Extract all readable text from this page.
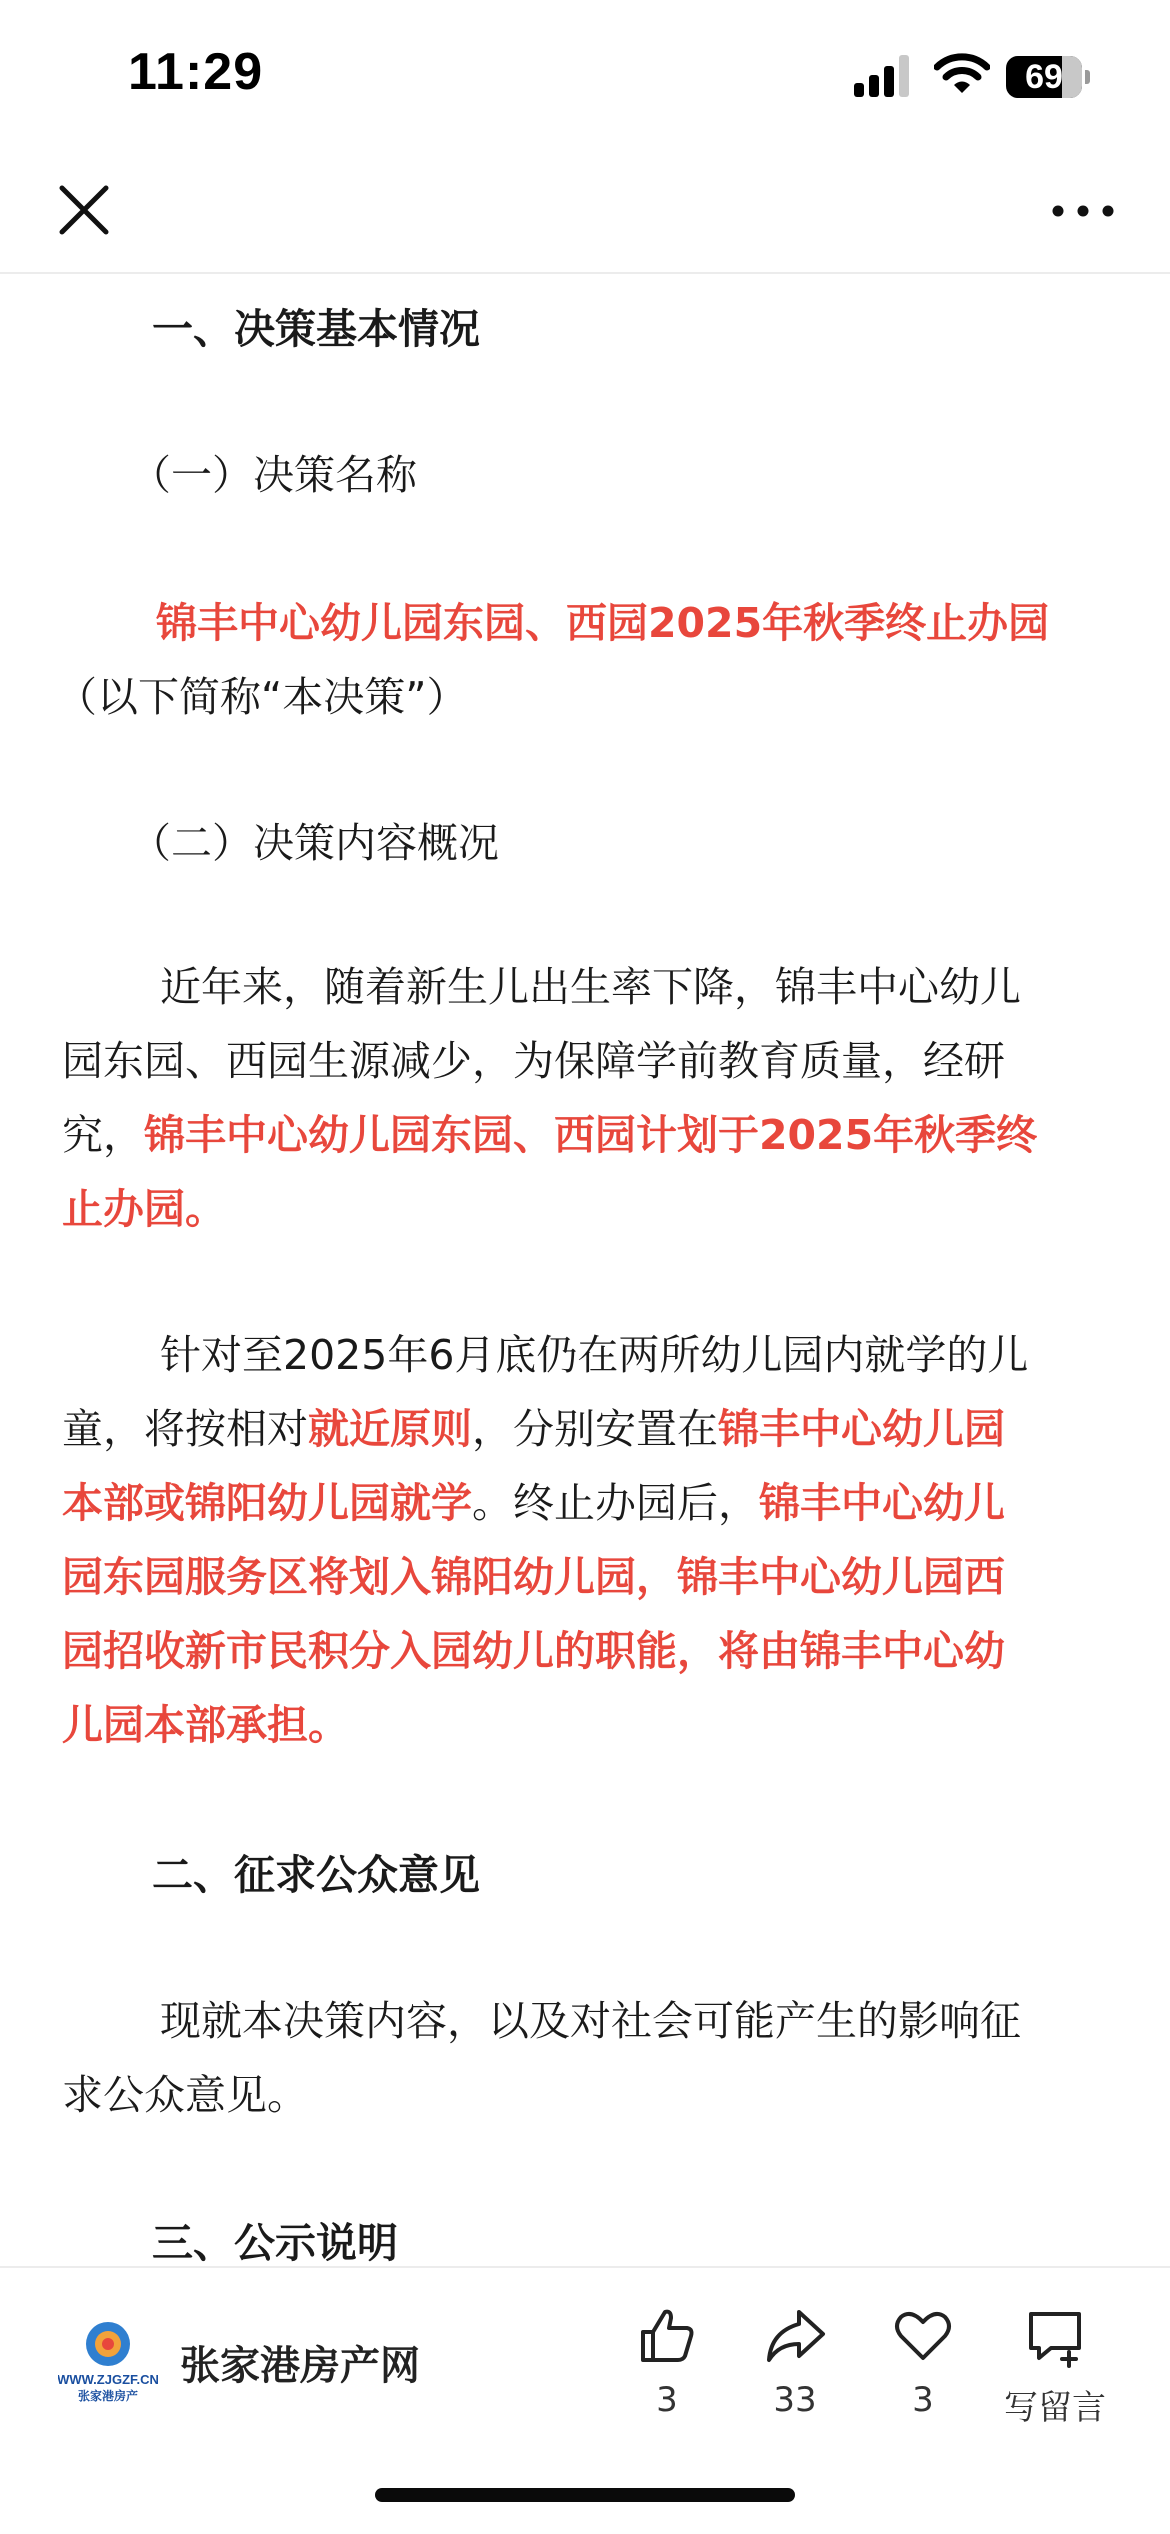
11:29	69
一、决策基本情况
（一）决策名称
锦丰中心幼儿园东园、西园2025年秋季终止办园
（以下简称“本决策”）
（二）决策内容概况
近年来，随着新生儿出生率下降，锦丰中心幼儿
园东园、西园生源减少，为保障学前教育质量，经研
究，锦丰中心幼儿园东园、西园计划于2025年秋季终
止办园。
针对至2025年6月底仍在两所幼儿园内就学的儿
童，将按相对就近原则，分别安置在锦丰中心幼儿园
本部或锦阳幼儿园就学。终止办园后，锦丰中心幼儿
园东园服务区将划入锦阳幼儿园，锦丰中心幼儿园西
园招收新市民积分入园幼儿的职能，将由锦丰中心幼
儿园本部承担。
二、征求公众意见
现就本决策内容，以及对社会可能产生的影响征
求公众意见。
三、公示说明
WWW.ZJGZF.CN
张家港房产
张家港房产网
3	33	3	写留言
